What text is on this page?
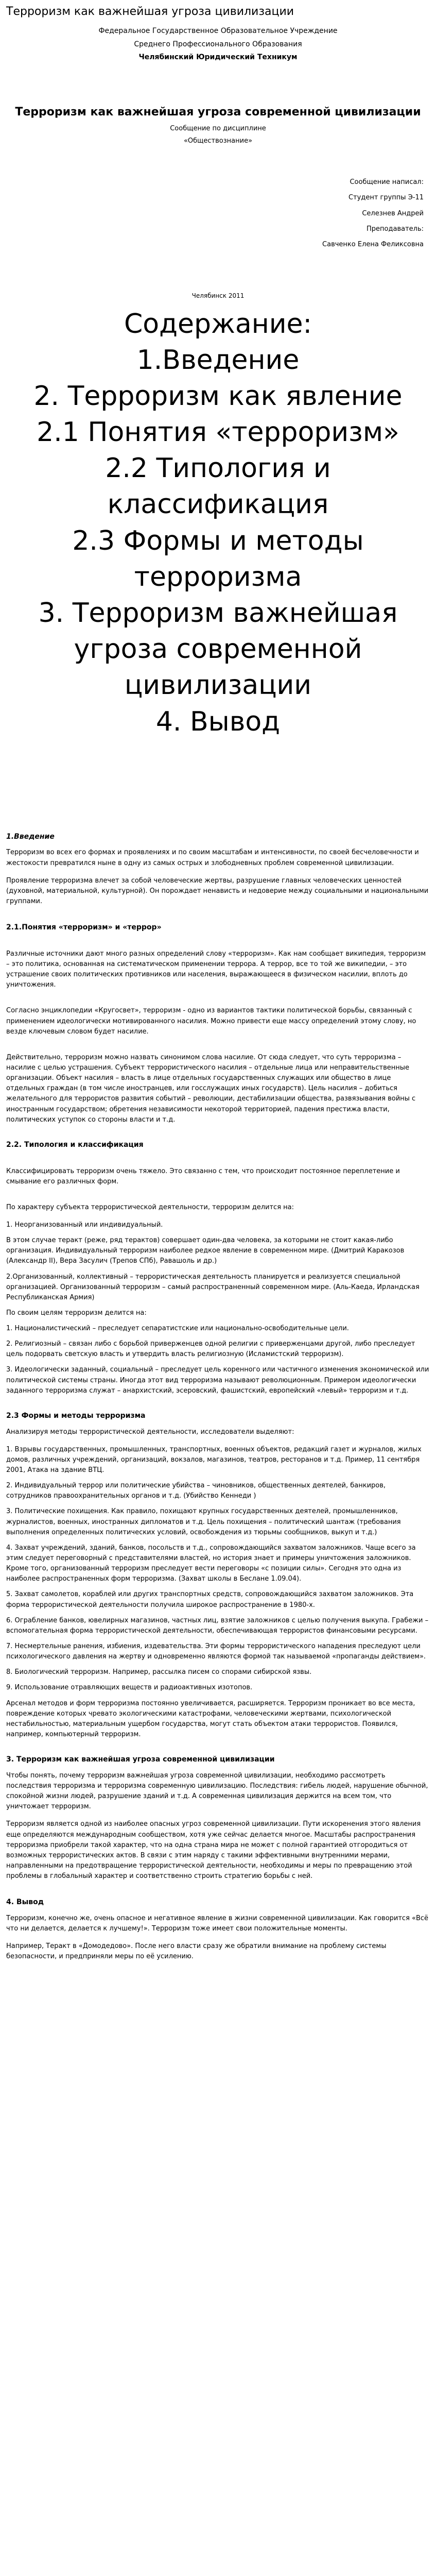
Терроризм как важнейшая угроза цивилизации
Федеральное Государственное Образовательное Учреждение
Среднего Профессионального Образования
Челябинский Юридический Техникум
Терроризм как важнейшая угроза современной цивилизации
Сообщение по дисциплине
«Обществознание»
Сообщение написал:
Студент группы Э-11
Селезнев Андрей
Преподаватель:
Савченко Елена Феликсовна
Челябинск 2011
Содержание:
1.Введение
2. Терроризм как явление
2.1 Понятия «терроризм»
2.2 Типология и классификация
2.3 Формы и методы терроризма
3. Терроризм важнейшая угроза современной цивилизации
4. Вывод
1.Введение

Терроризм во всех его формах и проявлениях и по своим масштабам и интенсивности, по своей бесчеловечности и жестокости превратился ныне в одну из самых острых и злободневных проблем современной цивилизации.

Проявление терроризма влечет за собой человеческие жертвы, разрушение главных человеческих ценностей (духовной, материальной, культурной). Он порождает ненависть и недоверие между социальными и национальными группами.

2.1.Понятия «терроризм» и «террор»

Различные источники дают много разных определений слову «терроризм». Как нам сообщает википедия, терроризм – это политика, основанная на систематическом применении террора. А террор, все то той же википедии, – это устрашение своих политических противников или населения, выражающееся в физическом насилии, вплоть до уничтожения.

Согласно энциклопедии «Кругосвет», терроризм - одно из вариантов тактики политической борьбы, связанный с применением идеологически мотивированного насилия. Можно привести еще массу определений этому слову, но везде ключевым словом будет насилие.

Действительно, терроризм можно назвать синонимом слова насилие. От сюда следует, что суть терроризма – насилие с целью устрашения. Субъект террористического насилия – отдельные лица или неправительственные организации. Объект насилия – власть в лице отдельных государственных служащих или общество в лице отдельных граждан (в том числе иностранцев, или госслужащих иных государств). Цель насилия – добиться желательного для террористов развития событий – революции, дестабилизации общества, развязывания войны с иностранным государством; обретения независимости некоторой территорией, падения престижа власти, политических уступок со стороны власти и т.д.

2.2. Типология и классификация

Классифицировать терроризм очень тяжело. Это связанно с тем, что происходит постоянное переплетение и смывание его различных форм.

По характеру субъекта террористической деятельности, терроризм делится на:

1. Неорганизованный или индивидуальный.

В этом случае теракт (реже, ряд терактов) совершает один-два человека, за которыми не стоит какая-либо организация. Индивидуальный терроризм наиболее редкое явление в современном мире. (Дмитрий Каракозов (Александр II), Вера Засулич (Трепов СПб), Равашоль и др.)

2.Организованный, коллективный – террористическая деятельность планируется и реализуется специальной организацией. Организованный терроризм – самый распространенный современном мире. (Аль-Каеда, Ирландская Республиканская Армия)

По своим целям терроризм делится на:

1. Националистический – преследует сепаратистские или национально-освободительные цели.

2. Религиозный – связан либо с борьбой приверженцев одной религии с приверженцами другой, либо преследует цель подорвать светскую власть и утвердить власть религиозную (Исламистский терроризм).

3. Идеологически заданный, социальный – преследует цель коренного или частичного изменения экономической или политической системы страны. Иногда этот вид терроризма называют революционным. Примером идеологически заданного терроризма служат – анархистский, эсеровский, фашистский, европейский «левый» терроризм и т.д.

2.3 Формы и методы терроризма

Анализируя методы террористической деятельности, исследователи выделяют:

1. Взрывы государственных, промышленных, транспортных, военных объектов, редакций газет и журналов, жилых домов, различных учреждений, организаций, вокзалов, магазинов, театров, ресторанов и т.д. Пример, 11 сентября 2001, Атака на здание ВТЦ.

2. Индивидуальный террор или политические убийства – чиновников, общественных деятелей, банкиров, сотрудников правоохранительных органов и т.д. (Убийство Кеннеди )

3. Политические похищения. Как правило, похищают крупных государственных деятелей, промышленников, журналистов, военных, иностранных дипломатов и т.д. Цель похищения – политический шантаж (требования выполнения определенных политических условий, освобождения из тюрьмы сообщников, выкуп и т.д.)

4. Захват учреждений, зданий, банков, посольств и т.д., сопровождающийся захватом заложников. Чаще всего за этим следует переговорный с представителями властей, но история знает и примеры уничтожения заложников. Кроме того, организованный терроризм преследует вести переговоры «с позиции силы». Сегодня это одна из наиболее распространенных форм терроризма. (Захват школы в Беслане 1.09.04).

5. Захват самолетов, кораблей или других транспортных средств, сопровождающийся захватом заложников. Эта форма террористической деятельности получила широкое распространение в 1980-х.

6. Ограбление банков, ювелирных магазинов, частных лиц, взятие заложников с целью получения выкупа. Грабежи – вспомогательная форма террористической деятельности, обеспечивающая террористов финансовыми ресурсами.

7. Несмертельные ранения, избиения, издевательства. Эти формы террористического нападения преследуют цели психологического давления на жертву и одновременно являются формой так называемой «пропаганды действием».

8. Биологический терроризм. Например, рассылка писем со спорами сибирской язвы.

9. Использование отравляющих веществ и радиоактивных изотопов.

Арсенал методов и форм терроризма постоянно увеличивается, расширяется. Терроризм проникает во все места, повреждение которых чревато экологическими катастрофами, человеческими жертвами, психологической нестабильностью, материальным ущербом государства, могут стать объектом атаки террористов. Появился, например, компьютерный терроризм.

3. Терроризм как важнейшая угроза современной цивилизации

Чтобы понять, почему терроризм важнейшая угроза современной цивилизации, необходимо рассмотреть последствия терроризма и терроризма современную цивилизацию. Последствия: гибель людей, нарушение обычной, спокойной жизни людей, разрушение зданий и т.д. А современная цивилизация держится на всем том, что уничтожает терроризм.

Терроризм является одной из наиболее опасных угроз современной цивилизации. Пути искоренения этого явления еще определяются международным сообществом, хотя уже сейчас делается многое. Масштабы распространения терроризма приобрели такой характер, что на одна страна мира не может с полной гарантией отгородиться от возможных террористических актов. В связи с этим наряду с такими эффективными внутренними мерами, направленными на предотвращение террористической деятельности, необходимы и меры по превращению этой проблемы в глобальный характер и соответственно строить стратегию борьбы с ней.

4. Вывод

Терроризм, конечно же, очень опасное и негативное явление в жизни современной цивилизации. Как говорится «Всё что ни делается, делается к лучшему!». Терроризм тоже имеет свои положительные моменты.

Например, Теракт в «Домодедово». После него власти сразу же обратили внимание на проблему системы безопасности, и предприняли меры по её усилению.
